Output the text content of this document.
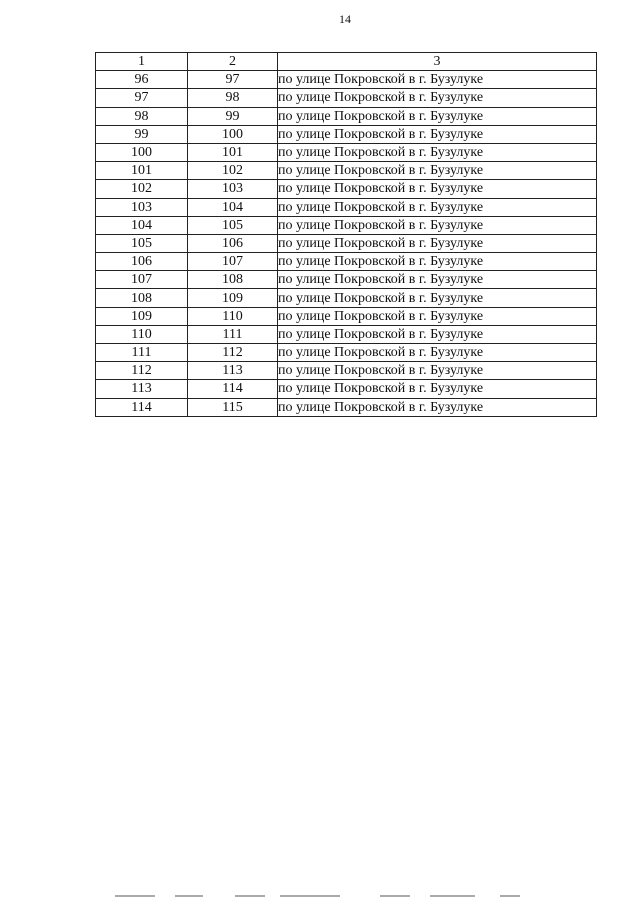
14
1	2	3
96	97	по улице Покровской в г. Бузулуке
97	98	по улице Покровской в г. Бузулуке
98	99	по улице Покровской в г. Бузулуке
99	100	по улице Покровской в г. Бузулуке
100	101	по улице Покровской в г. Бузулуке
101	102	по улице Покровской в г. Бузулуке
102	103	по улице Покровской в г. Бузулуке
103	104	по улице Покровской в г. Бузулуке
104	105	по улице Покровской в г. Бузулуке
105	106	по улице Покровской в г. Бузулуке
106	107	по улице Покровской в г. Бузулуке
107	108	по улице Покровской в г. Бузулуке
108	109	по улице Покровской в г. Бузулуке
109	110	по улице Покровской в г. Бузулуке
110	111	по улице Покровской в г. Бузулуке
111	112	по улице Покровской в г. Бузулуке
112	113	по улице Покровской в г. Бузулуке
113	114	по улице Покровской в г. Бузулуке
114	115	по улице Покровской в г. Бузулуке
